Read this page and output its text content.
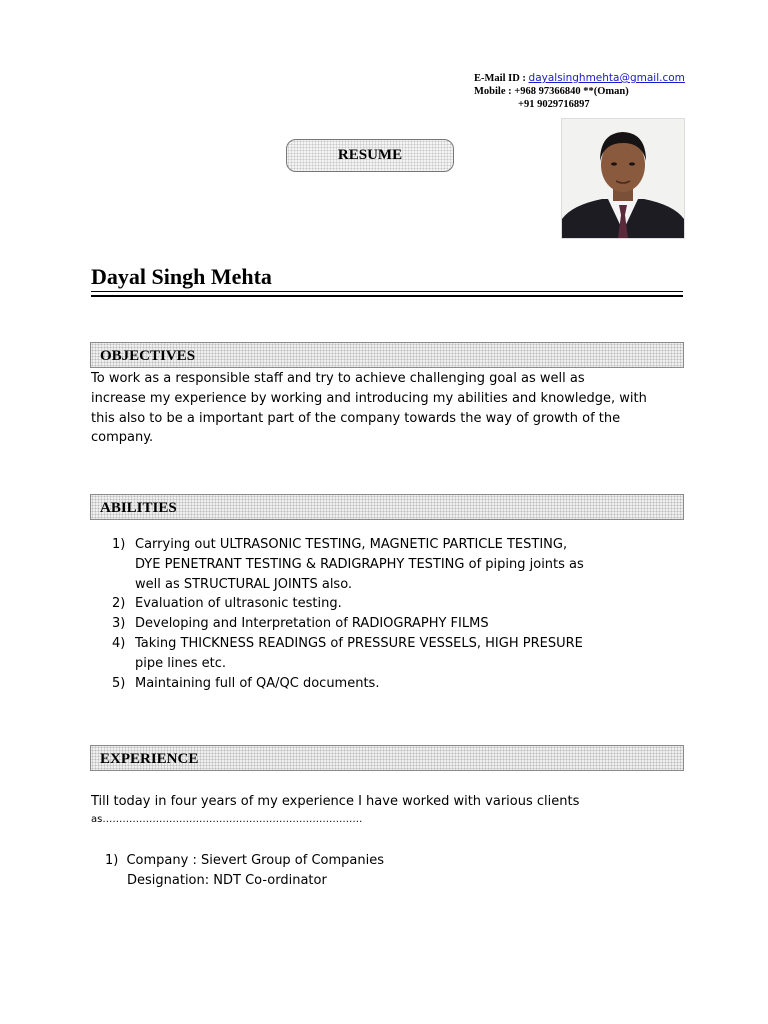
E-Mail ID : dayalsinghmehta@gmail.com
Mobile : +968 97366840 **(Oman)
+91 9029716897
RESUME
Dayal Singh Mehta
OBJECTIVES
To work as a responsible staff and try to achieve challenging goal as well as
increase my experience by working and introducing my abilities and knowledge, with
this also to be a important part of the company towards the way of growth of the
company.
ABILITIES
1) Carrying out ULTRASONIC TESTING, MAGNETIC PARTICLE TESTING,
DYE PENETRANT TESTING & RADIGRAPHY TESTING of piping joints as
well as STRUCTURAL JOINTS also.
2) Evaluation of ultrasonic testing.
3) Developing and Interpretation of RADIOGRAPHY FILMS
4) Taking THICKNESS READINGS of PRESSURE VESSELS, HIGH PRESURE
pipe lines etc.
5) Maintaining full of QA/QC documents.
EXPERIENCE
Till today in four years of my experience I have worked with various clients
as……………………………………………………………………
1) Company : Sievert Group of Companies
Designation: NDT Co-ordinator
